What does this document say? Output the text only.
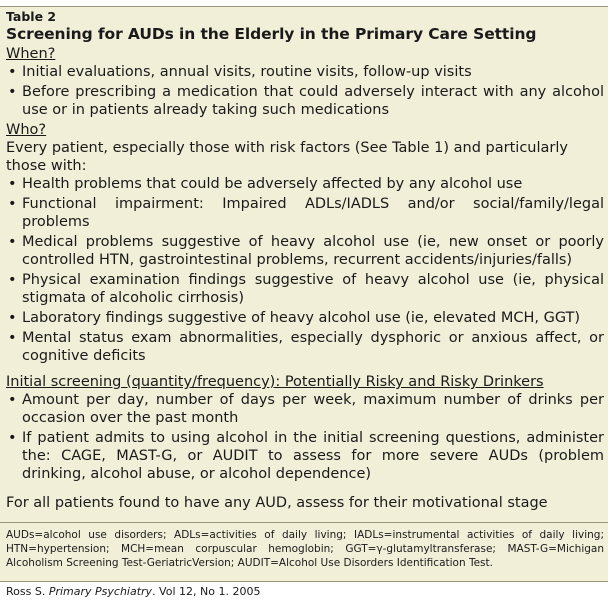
Table 2
Screening for AUDs in the Elderly in the Primary Care Setting
When?
• Initial evaluations, annual visits, routine visits, follow-up visits
• Before prescribing a medication that could adversely interact with any alcohol use or in patients already taking such medications
Who?
Every patient, especially those with risk factors (See Table 1) and particularly those with:
• Health problems that could be adversely affected by any alcohol use
• Functional impairment: Impaired ADLs/IADLS and/or social/family/legal problems
• Medical problems suggestive of heavy alcohol use (ie, new onset or poorly controlled HTN, gastrointestinal problems, recurrent accidents/injuries/falls)
• Physical examination findings suggestive of heavy alcohol use (ie, physical stigmata of alcoholic cirrhosis)
• Laboratory findings suggestive of heavy alcohol use (ie, elevated MCH, GGT)
• Mental status exam abnormalities, especially dysphoric or anxious affect, or cognitive deficits
Initial screening (quantity/frequency): Potentially Risky and Risky Drinkers
• Amount per day, number of days per week, maximum number of drinks per occasion over the past month
• If patient admits to using alcohol in the initial screening questions, administer the: CAGE, MAST-G, or AUDIT to assess for more severe AUDs (problem drinking, alcohol abuse, or alcohol dependence)
For all patients found to have any AUD, assess for their motivational stage
AUDs=alcohol use disorders; ADLs=activities of daily living; IADLs=instrumental activities of daily living; HTN=hypertension; MCH=mean corpuscular hemoglobin; GGT=γ-glutamyltransferase; MAST-G=Michigan Alcoholism Screening Test-GeriatricVersion; AUDIT=Alcohol Use Disorders Identification Test.
Ross S. Primary Psychiatry. Vol 12, No 1. 2005
